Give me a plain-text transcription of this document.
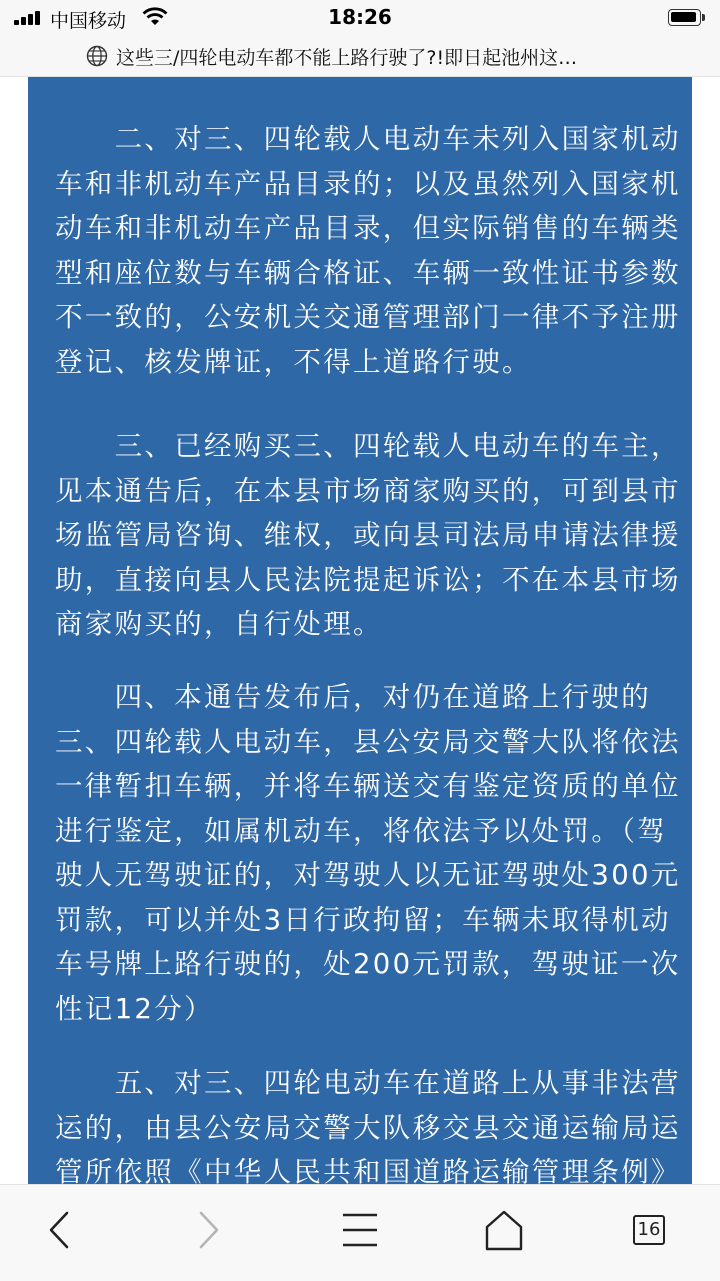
中国移动	18:26
这些三/四轮电动车都不能上路行驶了?!即日起池州这…

　　二、对三、四轮载人电动车未列入国家机动
车和非机动车产品目录的；以及虽然列入国家机
动车和非机动车产品目录，但实际销售的车辆类
型和座位数与车辆合格证、车辆一致性证书参数
不一致的，公安机关交通管理部门一律不予注册
登记、核发牌证，不得上道路行驶。

　　三、已经购买三、四轮载人电动车的车主，
见本通告后，在本县市场商家购买的，可到县市
场监管局咨询、维权，或向县司法局申请法律援
助，直接向县人民法院提起诉讼；不在本县市场
商家购买的，自行处理。

　　四、本通告发布后，对仍在道路上行驶的
三、四轮载人电动车，县公安局交警大队将依法
一律暂扣车辆，并将车辆送交有鉴定资质的单位
进行鉴定，如属机动车，将依法予以处罚。（驾
驶人无驾驶证的，对驾驶人以无证驾驶处300元
罚款，可以并处3日行政拘留；车辆未取得机动
车号牌上路行驶的，处200元罚款，驾驶证一次
性记12分）

　　五、对三、四轮电动车在道路上从事非法营
运的，由县公安局交警大队移交县交通运输局运
管所依照《中华人民共和国道路运输管理条例》

16
